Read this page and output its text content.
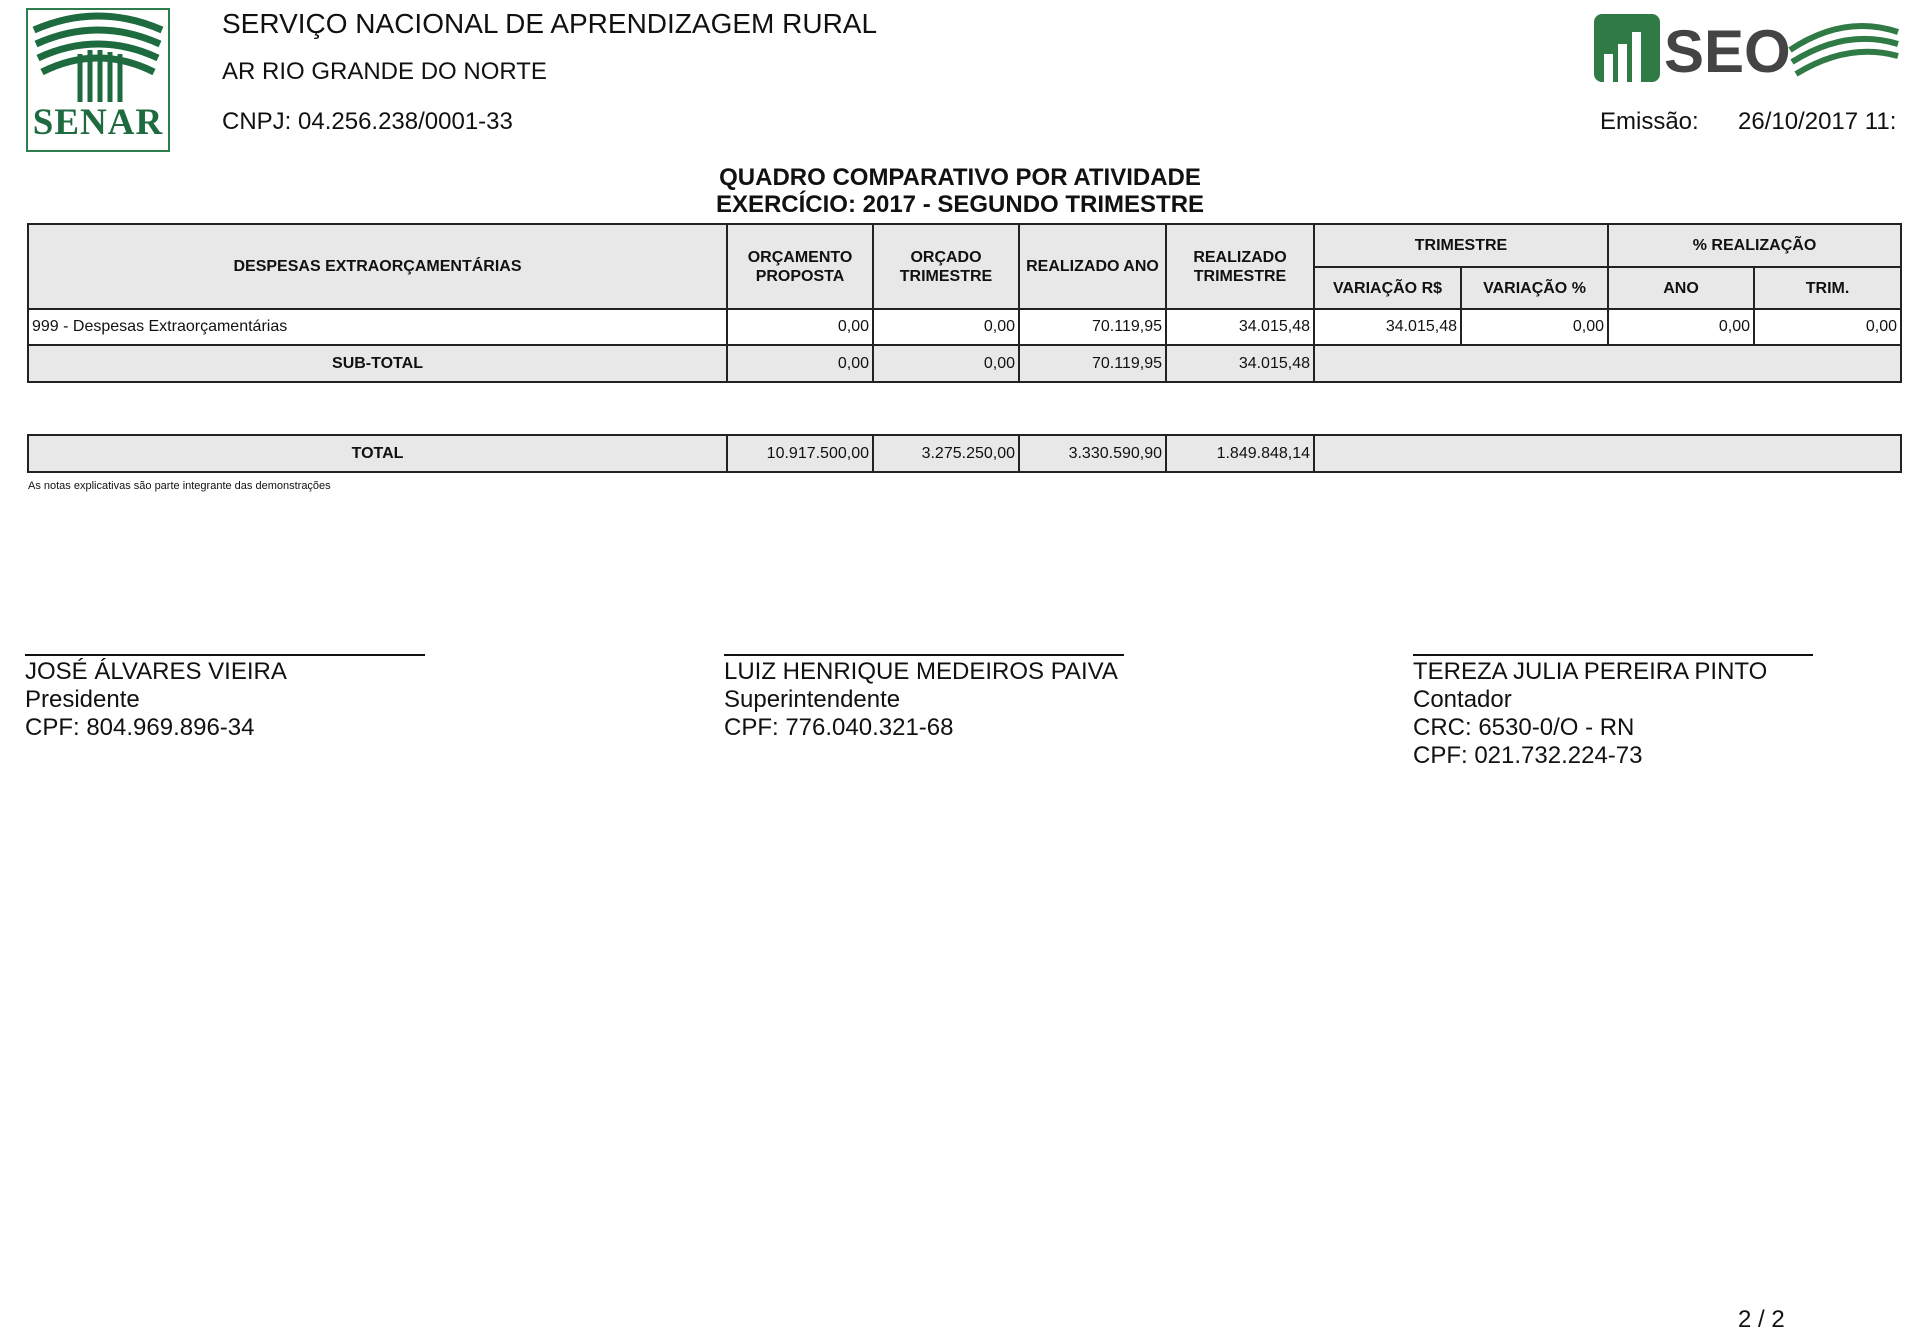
SENAR
SERVIÇO NACIONAL DE APRENDIZAGEM RURAL
AR RIO GRANDE DO NORTE
CNPJ: 04.256.238/0001-33
SEO
Emissão: 26/10/2017 11:
QUADRO COMPARATIVO POR ATIVIDADE
EXERCÍCIO: 2017 - SEGUNDO TRIMESTRE
DESPESAS EXTRAORÇAMENTÁRIAS	ORÇAMENTO PROPOSTA	ORÇADO TRIMESTRE	REALIZADO ANO	REALIZADO TRIMESTRE	TRIMESTRE		% REALIZAÇÃO	
					VARIAÇÃO R$	VARIAÇÃO %	ANO	TRIM.
999 - Despesas Extraorçamentárias	0,00	0,00	70.119,95	34.015,48	34.015,48	0,00	0,00	0,00
SUB-TOTAL	0,00	0,00	70.119,95	34.015,48				
TOTAL	10.917.500,00	3.275.250,00	3.330.590,90	1.849.848,14	
As notas explicativas são parte integrante das demonstrações
JOSÉ ÁLVARES VIEIRA
Presidente
CPF: 804.969.896-34
LUIZ HENRIQUE MEDEIROS PAIVA
Superintendente
CPF: 776.040.321-68
TEREZA JULIA PEREIRA PINTO
Contador
CRC: 6530-0/O - RN
CPF: 021.732.224-73
2 / 2
